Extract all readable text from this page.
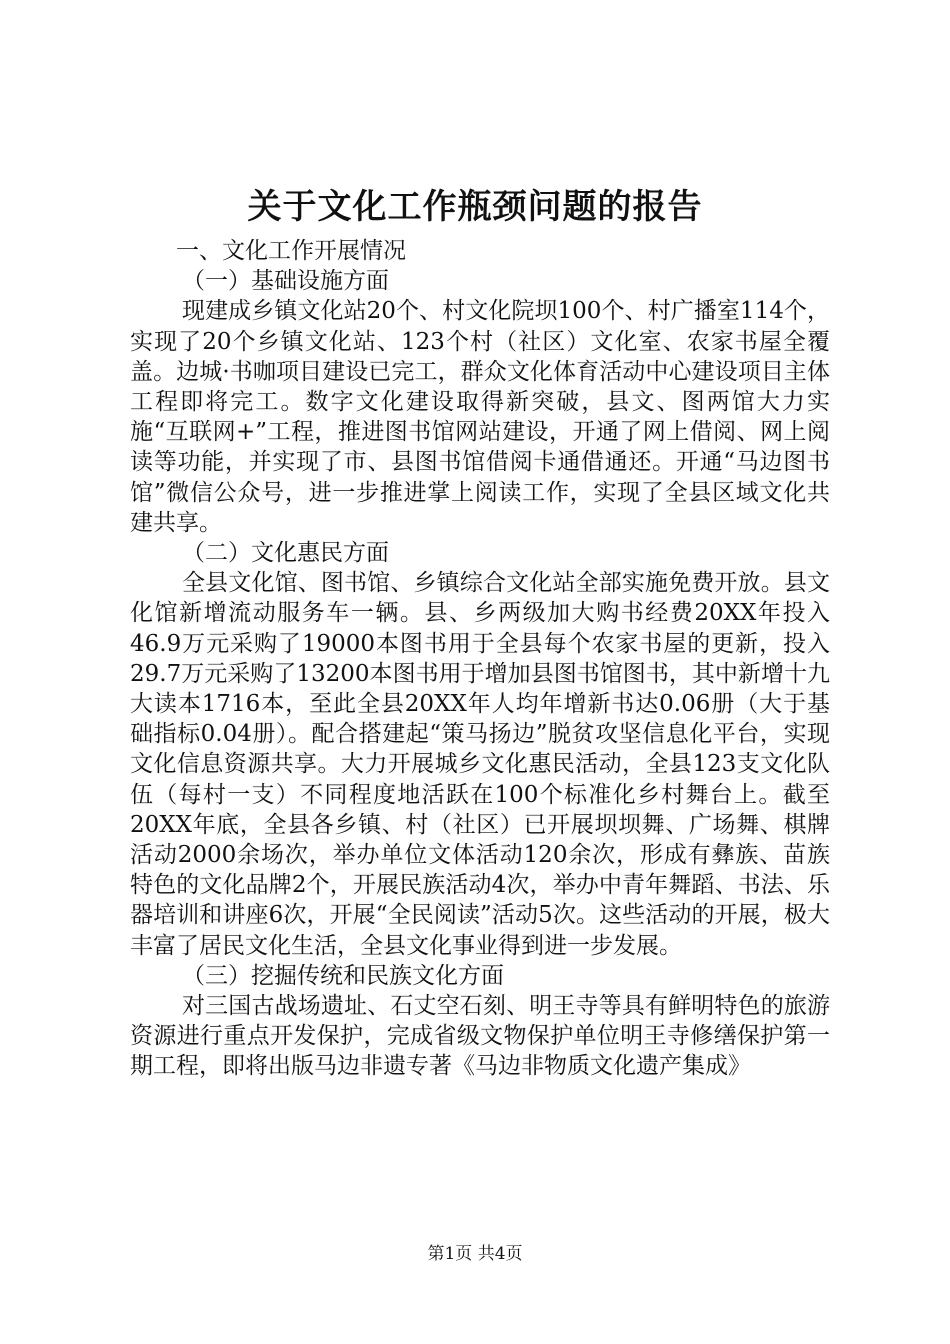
关于文化工作瓶颈问题的报告

一、文化工作开展情况

（一）基础设施方面

现建成乡镇文化站20个、村文化院坝100个、村广播室114个，实现了20个乡镇文化站、123个村（社区）文化室、农家书屋全覆盖。边城·书咖项目建设已完工，群众文化体育活动中心建设项目主体工程即将完工。数字文化建设取得新突破，县文、图两馆大力实施“互联网+”工程，推进图书馆网站建设，开通了网上借阅、网上阅读等功能，并实现了市、县图书馆借阅卡通借通还。开通“马边图书馆”微信公众号，进一步推进掌上阅读工作，实现了全县区域文化共建共享。

（二）文化惠民方面

全县文化馆、图书馆、乡镇综合文化站全部实施免费开放。县文化馆新增流动服务车一辆。县、乡两级加大购书经费20XX年投入46.9万元采购了19000本图书用于全县每个农家书屋的更新，投入29.7万元采购了13200本图书用于增加县图书馆图书，其中新增十九大读本1716本，至此全县20XX年人均年增新书达0.06册（大于基础指标0.04册）。配合搭建起“策马扬边”脱贫攻坚信息化平台，实现文化信息资源共享。大力开展城乡文化惠民活动，全县123支文化队伍（每村一支）不同程度地活跃在100个标准化乡村舞台上。截至20XX年底，全县各乡镇、村（社区）已开展坝坝舞、广场舞、棋牌活动2000余场次，举办单位文体活动120余次，形成有彝族、苗族特色的文化品牌2个，开展民族活动4次，举办中青年舞蹈、书法、乐器培训和讲座6次，开展“全民阅读”活动5次。这些活动的开展，极大丰富了居民文化生活，全县文化事业得到进一步发展。

（三）挖掘传统和民族文化方面

对三国古战场遗址、石丈空石刻、明王寺等具有鲜明特色的旅游资源进行重点开发保护，完成省级文物保护单位明王寺修缮保护第一期工程，即将出版马边非遗专著《马边非物质文化遗产集成》

第1页 共4页
